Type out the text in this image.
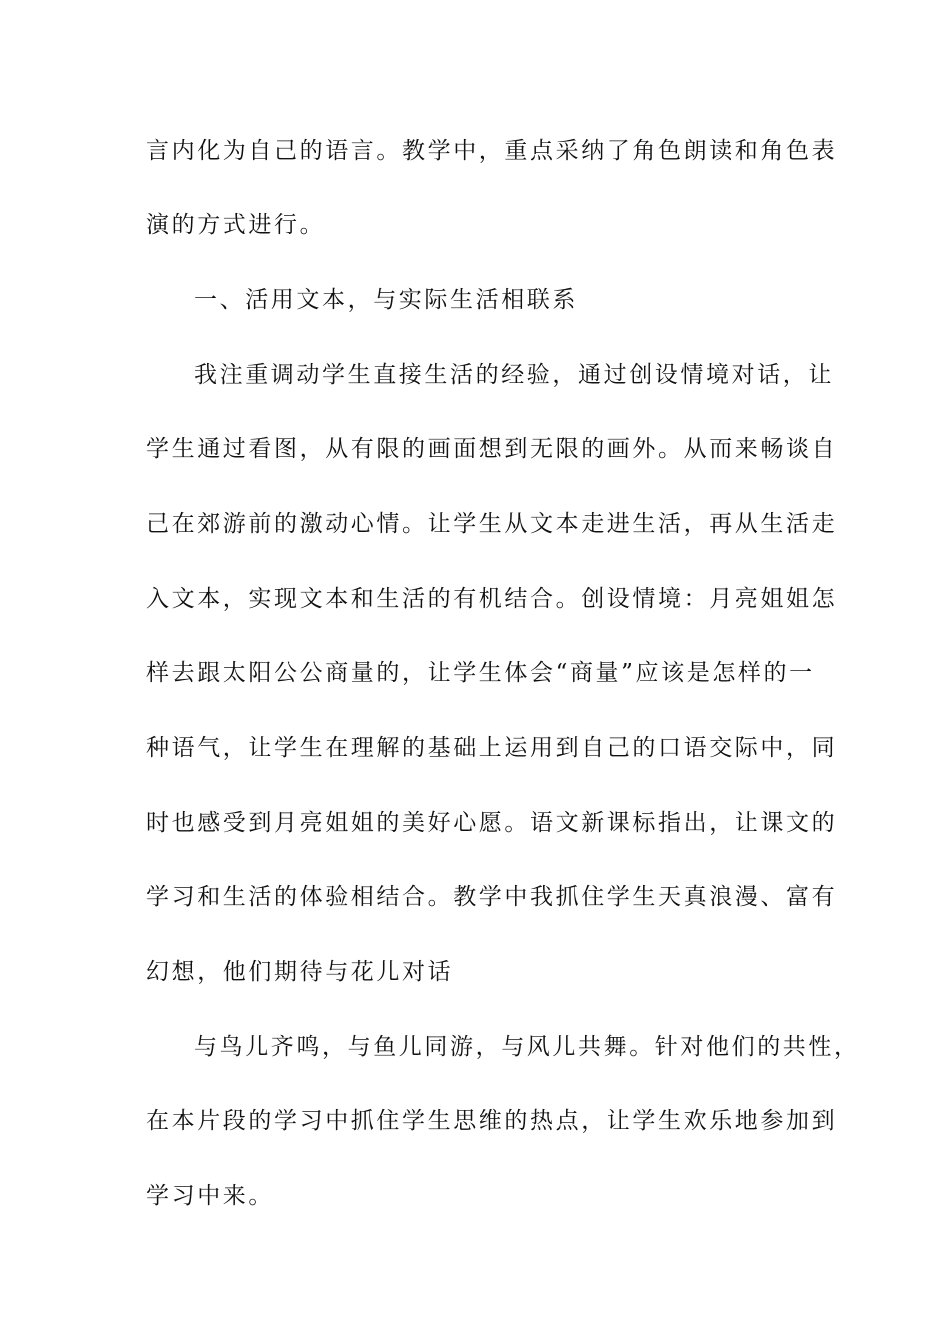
言内化为自己的语言。教学中，重点采纳了角色朗读和角色表
演的方式进行。
一、活用文本，与实际生活相联系
我注重调动学生直接生活的经验，通过创设情境对话，让
学生通过看图，从有限的画面想到无限的画外。从而来畅谈自
己在郊游前的激动心情。让学生从文本走进生活，再从生活走
入文本，实现文本和生活的有机结合。创设情境：月亮姐姐怎
样去跟太阳公公商量的，让学生体会“商量”应该是怎样的一
种语气，让学生在理解的基础上运用到自己的口语交际中，同
时也感受到月亮姐姐的美好心愿。语文新课标指出，让课文的
学习和生活的体验相结合。教学中我抓住学生天真浪漫、富有
幻想，他们期待与花儿对话
与鸟儿齐鸣，与鱼儿同游，与风儿共舞。针对他们的共性，
在本片段的学习中抓住学生思维的热点，让学生欢乐地参加到
学习中来。
